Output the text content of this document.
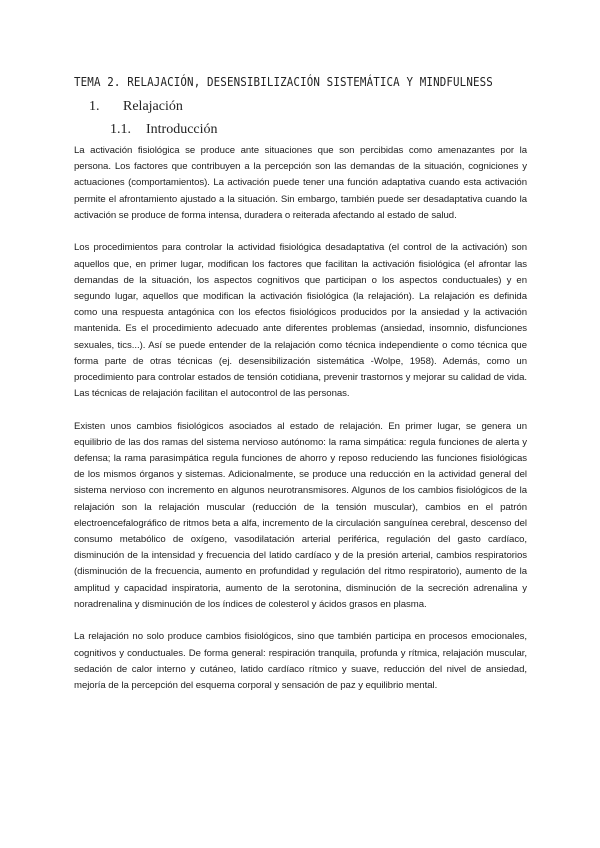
TEMA 2. RELAJACIÓN, DESENSIBILIZACIÓN SISTEMÁTICA Y MINDFULNESS
1. Relajación
1.1. Introducción

La activación fisiológica se produce ante situaciones que son percibidas como amenazantes por la persona. Los factores que contribuyen a la percepción son las demandas de la situación, cogniciones y actuaciones (comportamientos). La activación puede tener una función adaptativa cuando esta activación permite el afrontamiento ajustado a la situación. Sin embargo, también puede ser desadaptativa cuando la activación se produce de forma intensa, duradera o reiterada afectando al estado de salud.

Los procedimientos para controlar la actividad fisiológica desadaptativa (el control de la activación) son aquellos que, en primer lugar, modifican los factores que facilitan la activación fisiológica (el afrontar las demandas de la situación, los aspectos cognitivos que participan o los aspectos conductuales) y en segundo lugar, aquellos que modifican la activación fisiológica (la relajación). La relajación es definida como una respuesta antagónica con los efectos fisiológicos producidos por la ansiedad y la activación mantenida. Es el procedimiento adecuado ante diferentes problemas (ansiedad, insomnio, disfunciones sexuales, tics...). Así se puede entender de la relajación como técnica independiente o como técnica que forma parte de otras técnicas (ej. desensibilización sistemática -Wolpe, 1958). Además, como un procedimiento para controlar estados de tensión cotidiana, prevenir trastornos y mejorar su calidad de vida. Las técnicas de relajación facilitan el autocontrol de las personas.

Existen unos cambios fisiológicos asociados al estado de relajación. En primer lugar, se genera un equilibrio de las dos ramas del sistema nervioso autónomo: la rama simpática: regula funciones de alerta y defensa; la rama parasimpática regula funciones de ahorro y reposo reduciendo las funciones fisiológicas de los mismos órganos y sistemas. Adicionalmente, se produce una reducción en la actividad general del sistema nervioso con incremento en algunos neurotransmisores. Algunos de los cambios fisiológicos de la relajación son la relajación muscular (reducción de la tensión muscular), cambios en el patrón electroencefalográfico de ritmos beta a alfa, incremento de la circulación sanguínea cerebral, descenso del consumo metabólico de oxígeno, vasodilatación arterial periférica, regulación del gasto cardíaco, disminución de la intensidad y frecuencia del latido cardíaco y de la presión arterial, cambios respiratorios (disminución de la frecuencia, aumento en profundidad y regulación del ritmo respiratorio), aumento de la amplitud y capacidad inspiratoria, aumento de la serotonina, disminución de la secreción adrenalina y noradrenalina y disminución de los índices de colesterol y ácidos grasos en plasma.

La relajación no solo produce cambios fisiológicos, sino que también participa en procesos emocionales, cognitivos y conductuales. De forma general: respiración tranquila, profunda y rítmica, relajación muscular, sedación de calor interno y cutáneo, latido cardíaco rítmico y suave, reducción del nivel de ansiedad, mejoría de la percepción del esquema corporal y sensación de paz y equilibrio mental.
